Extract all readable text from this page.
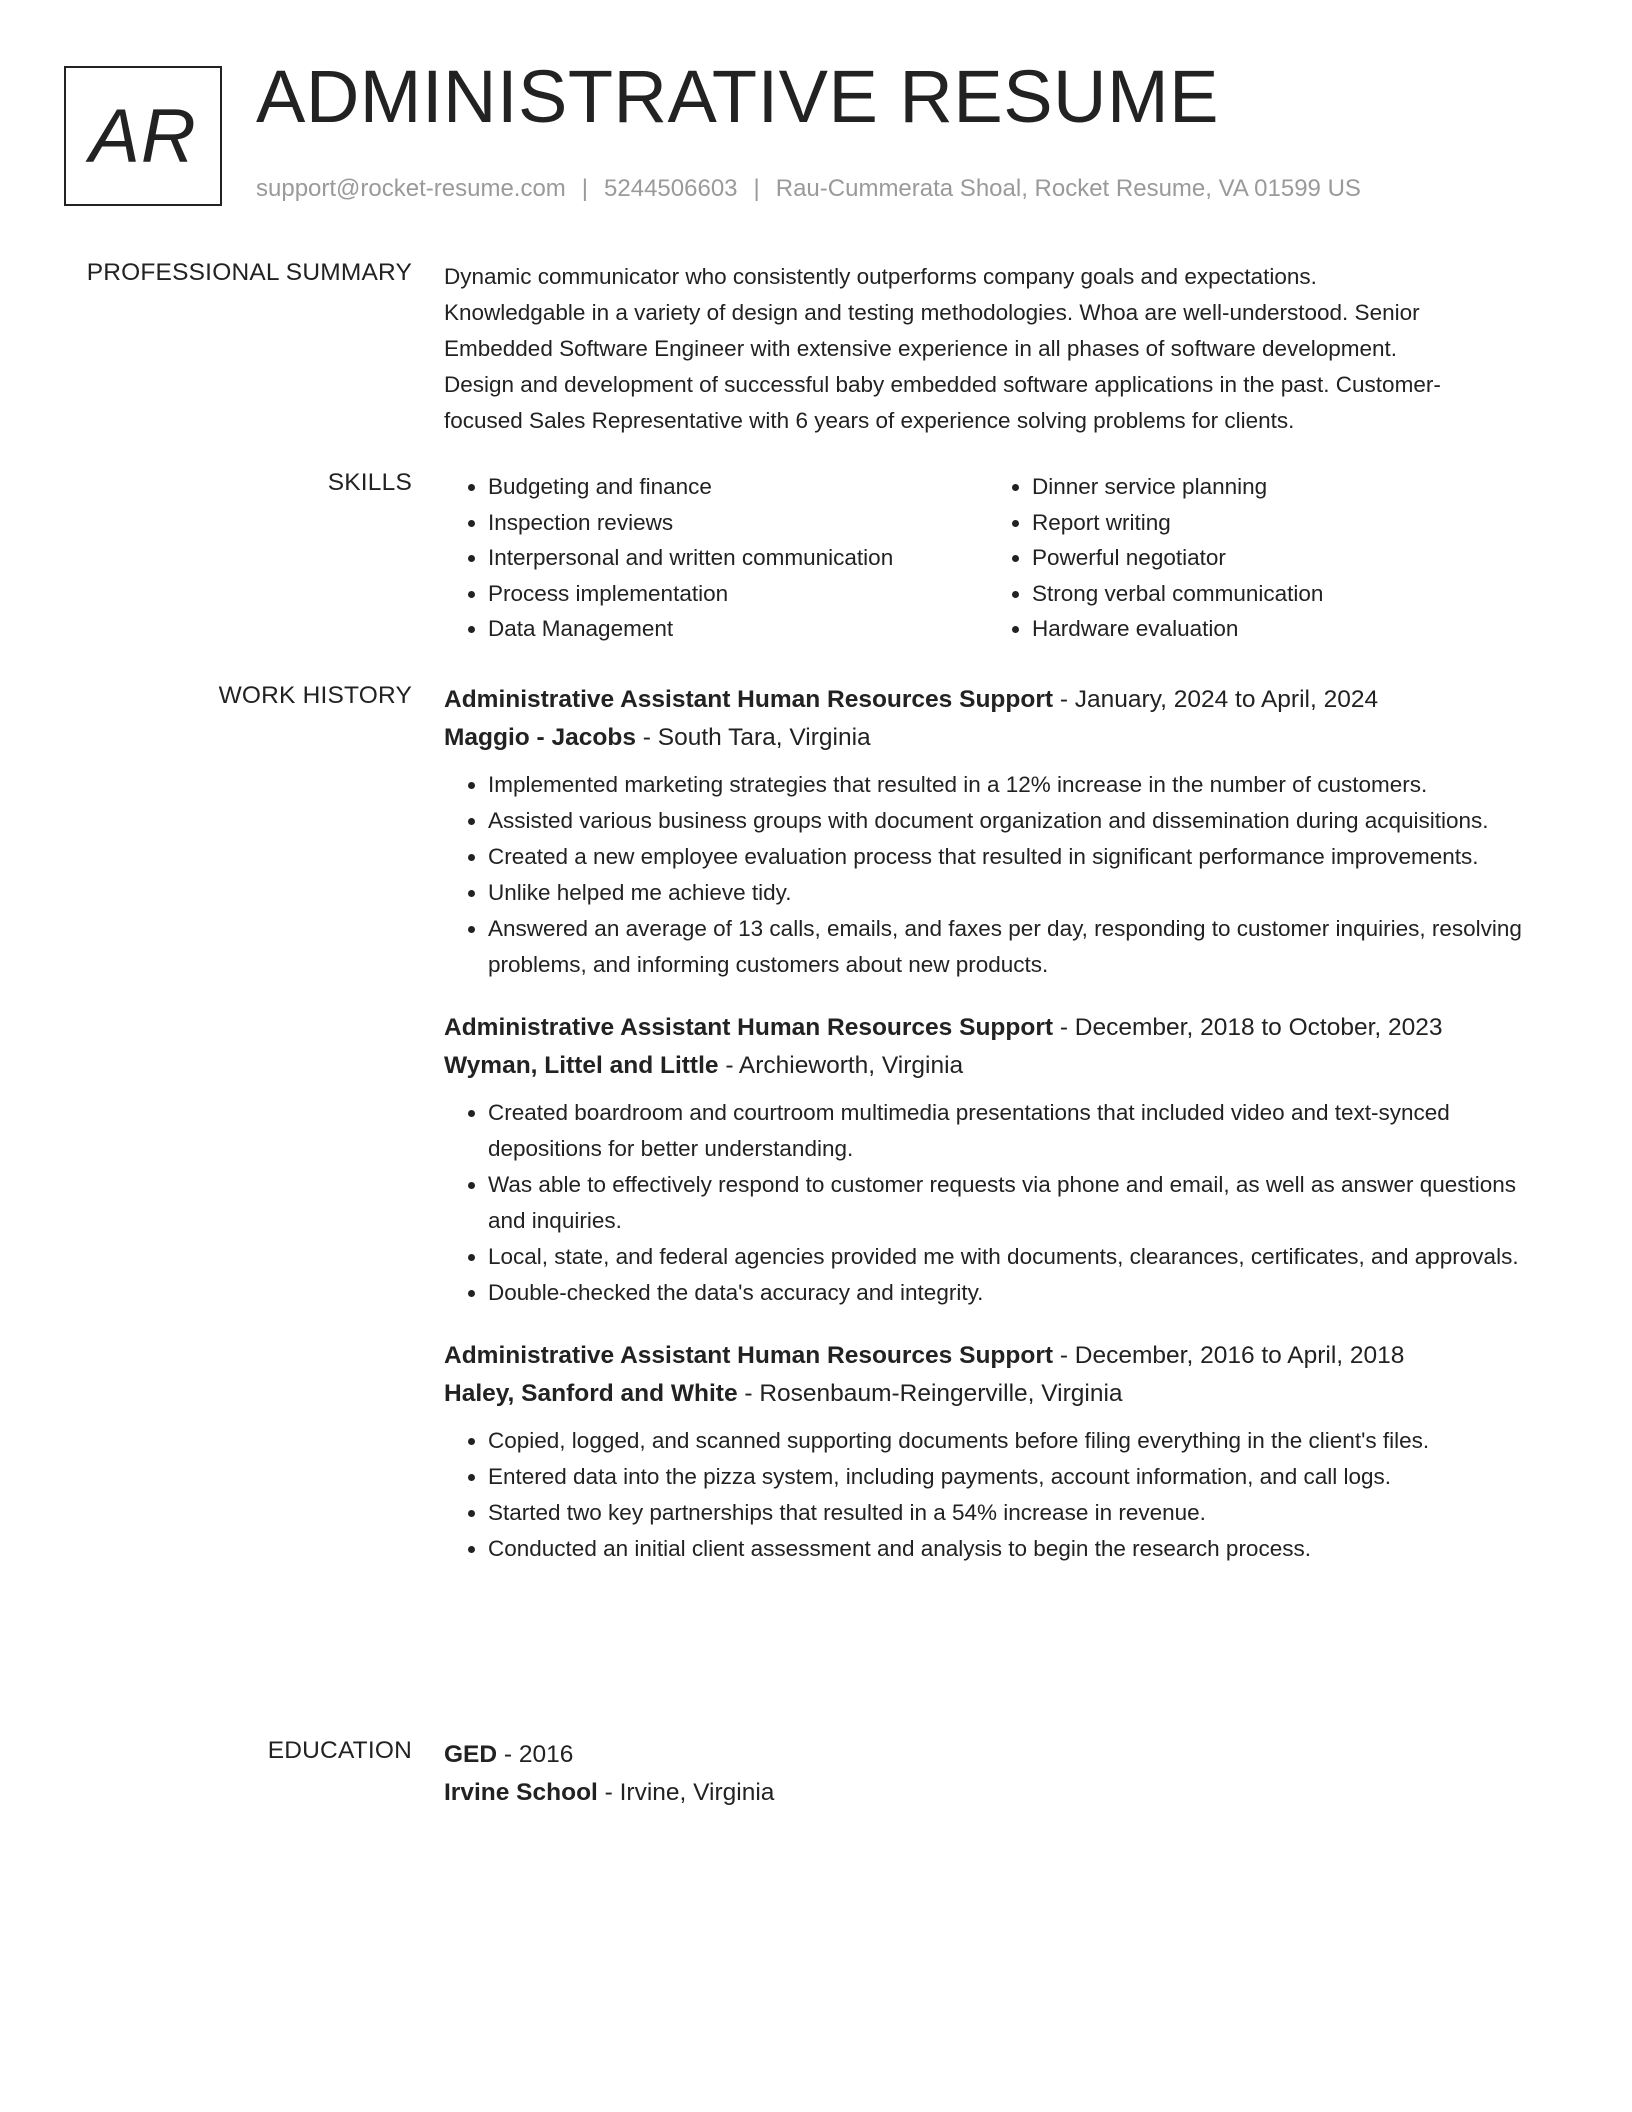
AR ADMINISTRATIVE RESUME
support@rocket-resume.com | 5244506603 | Rau-Cummerata Shoal, Rocket Resume, VA 01599 US
PROFESSIONAL SUMMARY Dynamic communicator who consistently outperforms company goals and expectations.

Knowledgable in a variety of design and testing methodologies. Whoa are well-understood. Senior

Embedded Software Engineer with extensive experience in all phases of software development.

Design and development of successful baby embedded software applications in the past. Customer-

focused Sales Representative with 6 years of experience solving problems for clients.

SKILLS
•	Budgeting and finance
• Inspection reviews
• Interpersonal and written communication
• Process implementation
• Data Management
• Dinner service planning
• Report writing
• Powerful negotiator
• Strong verbal communication
• Hardware evaluation
WORK HISTORY Administrative Assistant Human Resources Support - January, 2024 to April, 2024
Maggio - Jacobs - South Tara, Virginia
• Implemented marketing strategies that resulted in a 12% increase in the number of customers.
• Assisted various business groups with document organization and dissemination during acquisitions.
• Created a new employee evaluation process that resulted in significant performance improvements.
• Unlike helped me achieve tidy.
• Answered an average of 13 calls, emails, and faxes per day, responding to customer inquiries, resolving problems, and informing customers about new products.
Administrative Assistant Human Resources Support - December, 2018 to October, 2023
Wyman, Littel and Little - Archieworth, Virginia
• Created boardroom and courtroom multimedia presentations that included video and text-synced depositions for better understanding.
• Was able to effectively respond to customer requests via phone and email, as well as answer questions and inquiries.
• Local, state, and federal agencies provided me with documents, clearances, certificates, and approvals.
• Double-checked the data's accuracy and integrity.
Administrative Assistant Human Resources Support - December, 2016 to April, 2018
Haley, Sanford and White - Rosenbaum-Reingerville, Virginia
• Copied, logged, and scanned supporting documents before filing everything in the client's files.
• Entered data into the pizza system, including payments, account information, and call logs.
• Started two key partnerships that resulted in a 54% increase in revenue.
• Conducted an initial client assessment and analysis to begin the research process.
EDUCATION GED - 2016
Irvine School - Irvine, Virginia
